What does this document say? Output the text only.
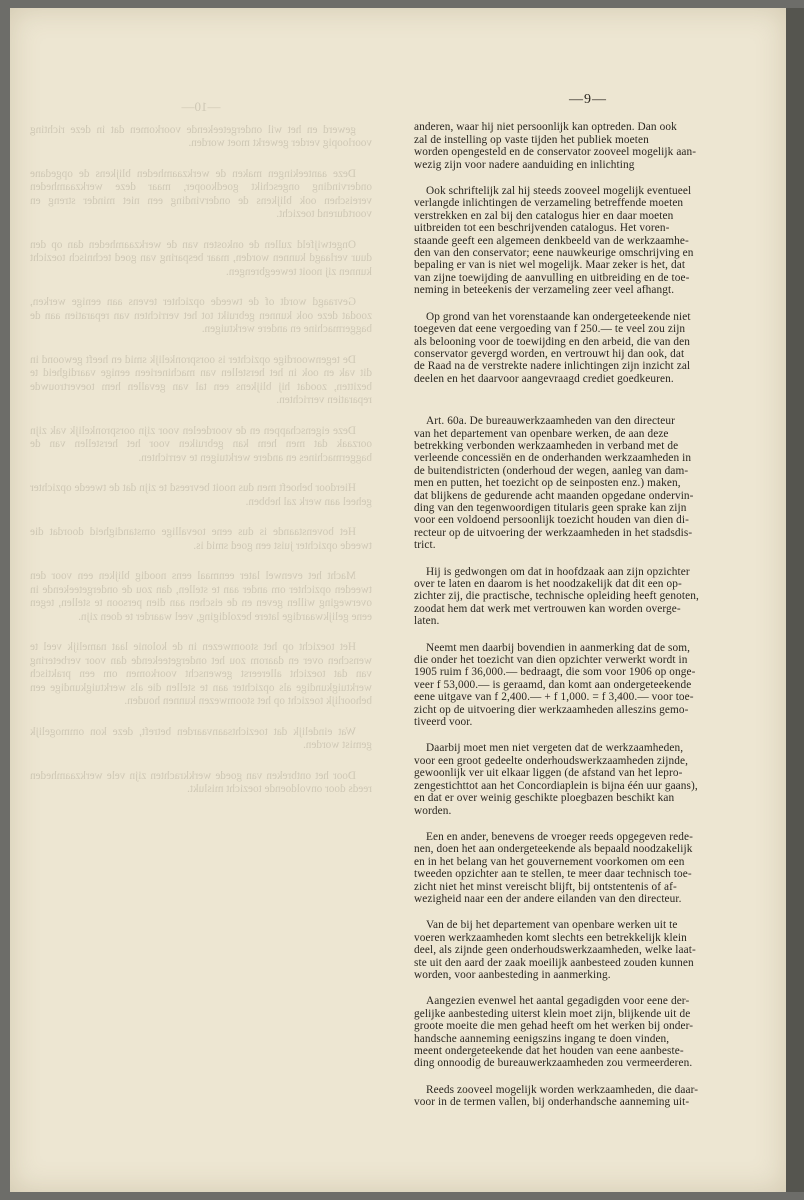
—10—

gewerd en het wil ondergeteekende voorkomen dat in deze richting voorloopig verder gewerkt moet worden.

Deze aanteekingen maken de werkzaamheden blijkens de opgedane ondervinding ongeschikt goedkooper, maar deze werkzaamheden vereischen ook blijkens de ondervinding een niet minder streng en voortdurend toezicht.

Ongetwijfeld zullen de onkosten van de werkzaamheden dan op den duur verlaagd kunnen worden, maar besparing van goed technisch toezicht kunnen zij nooit teweegbrengen.

Gevraagd wordt of de tweede opzichter tevens aan eenige werken, zoodat deze ook kunnen gebruikt tot het verrichten van reparatien aan de baggermachine en andere werktuigen.

De tegenwoordige opzichter is oorspronkelijk smid en heeft gewoond in dit vak en ook in het herstellen van machinerieen eenige vaardigheid te bezitten, zoodat hij blijkens een tal van gevallen hem toevertrouwde reparatien verrichten.

Deze eigenschappen en de voordeelen voor zijn oorspronkelijk vak zijn oorzaak dat men hem kan gebruiken voor het herstellen van de baggermachines en andere werktuigen te verrichten.

Hierdoor behoeft men dus nooit bevreesd te zijn dat de tweede opzichter geheel aan werk zal hebben.

Het bovenstaande is dus eene toevallige omstandigheid doordat die tweede opzichter juist een goed smid is.

Macht het evenwel later eenmaal eens noodig blijken een voor den tweeden opzichter om ander aan te stellen, dan zou de ondergeteekende in overweging willen geven en de eischen aan dien persoon te stellen, tegen eene gelijkwaardige latere bezoldiging, veel waarder te doen zijn.

Het toezicht op het stoomwezen in de kolonie laat namelijk veel te wenschen over en daarom zou het ondergeteekende dan voor verbetering van dat toezicht allereerst gewenscht voorkomen om een praktisch werktuigkundige als opzichter aan te stellen die als werktuigkundige een behoorlijk toezicht op het stoomwezen kunnen houden.

Wat eindelijk dat toezichtsaanvaarden betreft, deze kon ommogelijk gemist worden.

Door het ontbreken van goede werkkrachten zijn vele werkzaamheden reeds door onvoldoende toezicht mislukt.

—9—
anderen, waar hij niet persoonlijk kan optreden. Dan ook
zal de instelling op vaste tijden het publiek moeten
worden opengesteld en de conservator zooveel mogelijk aan-
wezig zijn voor nadere aanduiding en inlichting
Ook schriftelijk zal hij steeds zooveel mogelijk eventueel
verlangde inlichtingen de verzameling betreffende moeten
verstrekken en zal bij den catalogus hier en daar moeten
uitbreiden tot een beschrijvenden catalogus. Het voren-
staande geeft een algemeen denkbeeld van de werkzaamhe-
den van den conservator; eene nauwkeurige omschrijving en
bepaling er van is niet wel mogelijk. Maar zeker is het, dat
van zijne toewijding de aanvulling en uitbreiding en de toe-
neming in beteekenis der verzameling zeer veel afhangt.
Op grond van het vorenstaande kan ondergeteekende niet
toegeven dat eene vergoeding van f 250.— te veel zou zijn
als belooning voor de toewijding en den arbeid, die van den
conservator gevergd worden, en vertrouwt hij dan ook, dat
de Raad na de verstrekte nadere inlichtingen zijn inzicht zal
deelen en het daarvoor aangevraagd crediet goedkeuren.
Art. 60a. De bureauwerkzaamheden van den directeur
van het departement van openbare werken, de aan deze
betrekking verbonden werkzaamheden in verband met de
verleende concessiën en de onderhanden werkzaamheden in
de buitendistricten (onderhoud der wegen, aanleg van dam-
men en putten, het toezicht op de seinposten enz.) maken,
dat blijkens de gedurende acht maanden opgedane ondervin-
ding van den tegenwoordigen titularis geen sprake kan zijn
voor een voldoend persoonlijk toezicht houden van dien di-
recteur op de uitvoering der werkzaamheden in het stadsdis-
trict.
Hij is gedwongen om dat in hoofdzaak aan zijn opzichter
over te laten en daarom is het noodzakelijk dat dit een op-
zichter zij, die practische, technische opleiding heeft genoten,
zoodat hem dat werk met vertrouwen kan worden overge-
laten.
Neemt men daarbij bovendien in aanmerking dat de som,
die onder het toezicht van dien opzichter verwerkt wordt in
1905 ruim f 36,000.— bedraagt, die som voor 1906 op onge-
veer f 53,000.— is geraamd, dan komt aan ondergeteekende
eene uitgave van f 2,400.— + f 1,000. = f 3,400.— voor toe-
zicht op de uitvoering dier werkzaamheden alleszins gemo-
tiveerd voor.
Daarbij moet men niet vergeten dat de werkzaamheden,
voor een groot gedeelte onderhoudswerkzaamheden zijnde,
gewoonlijk ver uit elkaar liggen (de afstand van het lepro-
zengestichttot aan het Concordiaplein is bijna één uur gaans),
en dat er over weinig geschikte ploegbazen beschikt kan
worden.
Een en ander, benevens de vroeger reeds opgegeven rede-
nen, doen het aan ondergeteekende als bepaald noodzakelijk
en in het belang van het gouvernement voorkomen om een
tweeden opzichter aan te stellen, te meer daar technisch toe-
zicht niet het minst vereischt blijft, bij ontstentenis of af-
wezigheid naar een der andere eilanden van den directeur.
Van de bij het departement van openbare werken uit te
voeren werkzaamheden komt slechts een betrekkelijk klein
deel, als zijnde geen onderhoudswerkzaamheden, welke laat-
ste uit den aard der zaak moeilijk aanbesteed zouden kunnen
worden, voor aanbesteding in aanmerking.
Aangezien evenwel het aantal gegadigden voor eene der-
gelijke aanbesteding uiterst klein moet zijn, blijkende uit de
groote moeite die men gehad heeft om het werken bij onder-
handsche aanneming eenigszins ingang te doen vinden,
meent ondergeteekende dat het houden van eene aanbeste-
ding onnoodig de bureauwerkzaamheden zou vermeerderen.
Reeds zooveel mogelijk worden werkzaamheden, die daar-
voor in de termen vallen, bij onderhandsche aanneming uit-
